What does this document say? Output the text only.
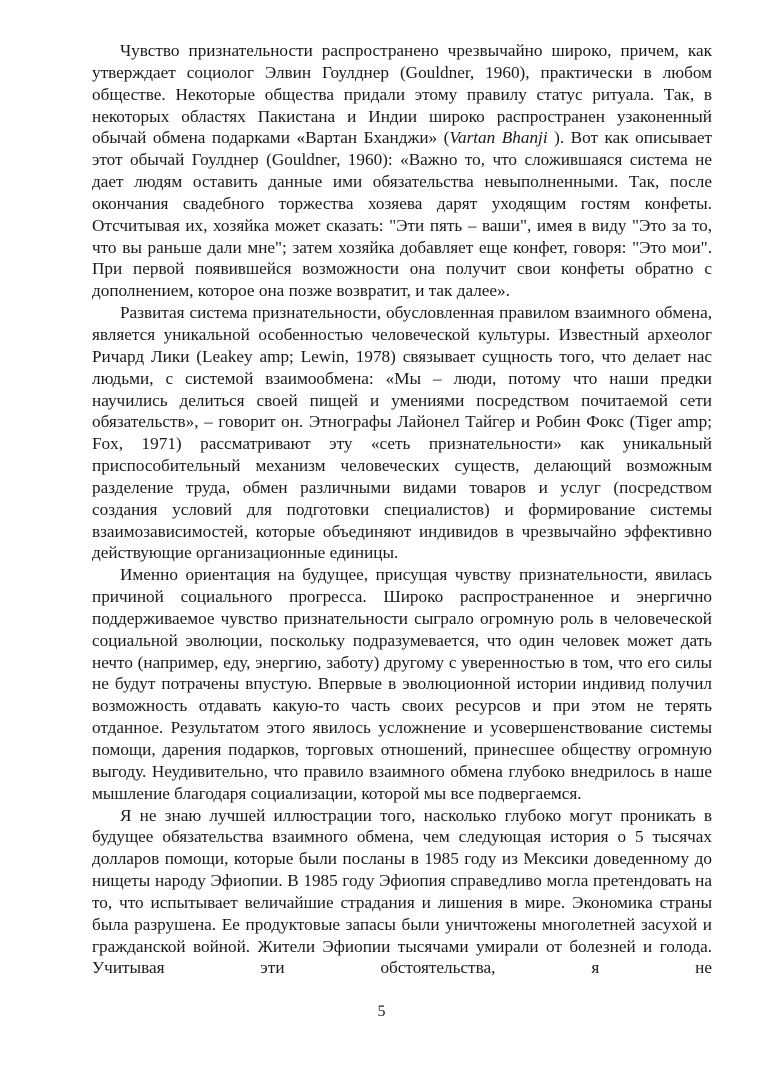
Чувство признательности распространено чрезвычайно широко, причем, как утверждает социолог Элвин Гоулднер (Gouldner, 1960), практически в любом обществе. Некоторые общества придали этому правилу статус ритуала. Так, в некоторых областях Пакистана и Индии широко распространен узаконенный обычай обмена подарками «Вартан Бханджи» (Vartan Bhanji ). Вот как описывает этот обычай Гоулднер (Gouldner, 1960): «Важно то, что сложившаяся система не дает людям оставить данные ими обязательства невыполненными. Так, после окончания свадебного торжества хозяева дарят уходящим гостям конфеты. Отсчитывая их, хозяйка может сказать: "Эти пять – ваши", имея в виду "Это за то, что вы раньше дали мне"; затем хозяйка добавляет еще конфет, говоря: "Это мои". При первой появившейся возможности она получит свои конфеты обратно с дополнением, которое она позже возвратит, и так далее».

Развитая система признательности, обусловленная правилом взаимного обмена, является уникальной особенностью человеческой культуры. Известный археолог Ричард Лики (Leakey amp; Lewin, 1978) связывает сущность того, что делает нас людьми, с системой взаимообмена: «Мы – люди, потому что наши предки научились делиться своей пищей и умениями посредством почитаемой сети обязательств», – говорит он. Этнографы Лайонел Тайгер и Робин Фокс (Tiger amp; Fox, 1971) рассматривают эту «сеть признательности» как уникальный приспособительный механизм человеческих существ, делающий возможным разделение труда, обмен различными видами товаров и услуг (посредством создания условий для подготовки специалистов) и формирование системы взаимозависимостей, которые объединяют индивидов в чрезвычайно эффективно действующие организационные единицы.

Именно ориентация на будущее, присущая чувству признательности, явилась причиной социального прогресса. Широко распространенное и энергично поддерживаемое чувство признательности сыграло огромную роль в человеческой социальной эволюции, поскольку подразумевается, что один человек может дать нечто (например, еду, энергию, заботу) другому с уверенностью в том, что его силы не будут потрачены впустую. Впервые в эволюционной истории индивид получил возможность отдавать какую-то часть своих ресурсов и при этом не терять отданное. Результатом этого явилось усложнение и усовершенствование системы помощи, дарения подарков, торговых отношений, принесшее обществу огромную выгоду. Неудивительно, что правило взаимного обмена глубоко внедрилось в наше мышление благодаря социализации, которой мы все подвергаемся.

Я не знаю лучшей иллюстрации того, насколько глубоко могут проникать в будущее обязательства взаимного обмена, чем следующая история о 5 тысячах долларов помощи, которые были посланы в 1985 году из Мексики доведенному до нищеты народу Эфиопии. В 1985 году Эфиопия справедливо могла претендовать на то, что испытывает величайшие страдания и лишения в мире. Экономика страны была разрушена. Ее продуктовые запасы были уничтожены многолетней засухой и гражданской войной. Жители Эфиопии тысячами умирали от болезней и голода. Учитывая эти обстоятельства, я не

5
